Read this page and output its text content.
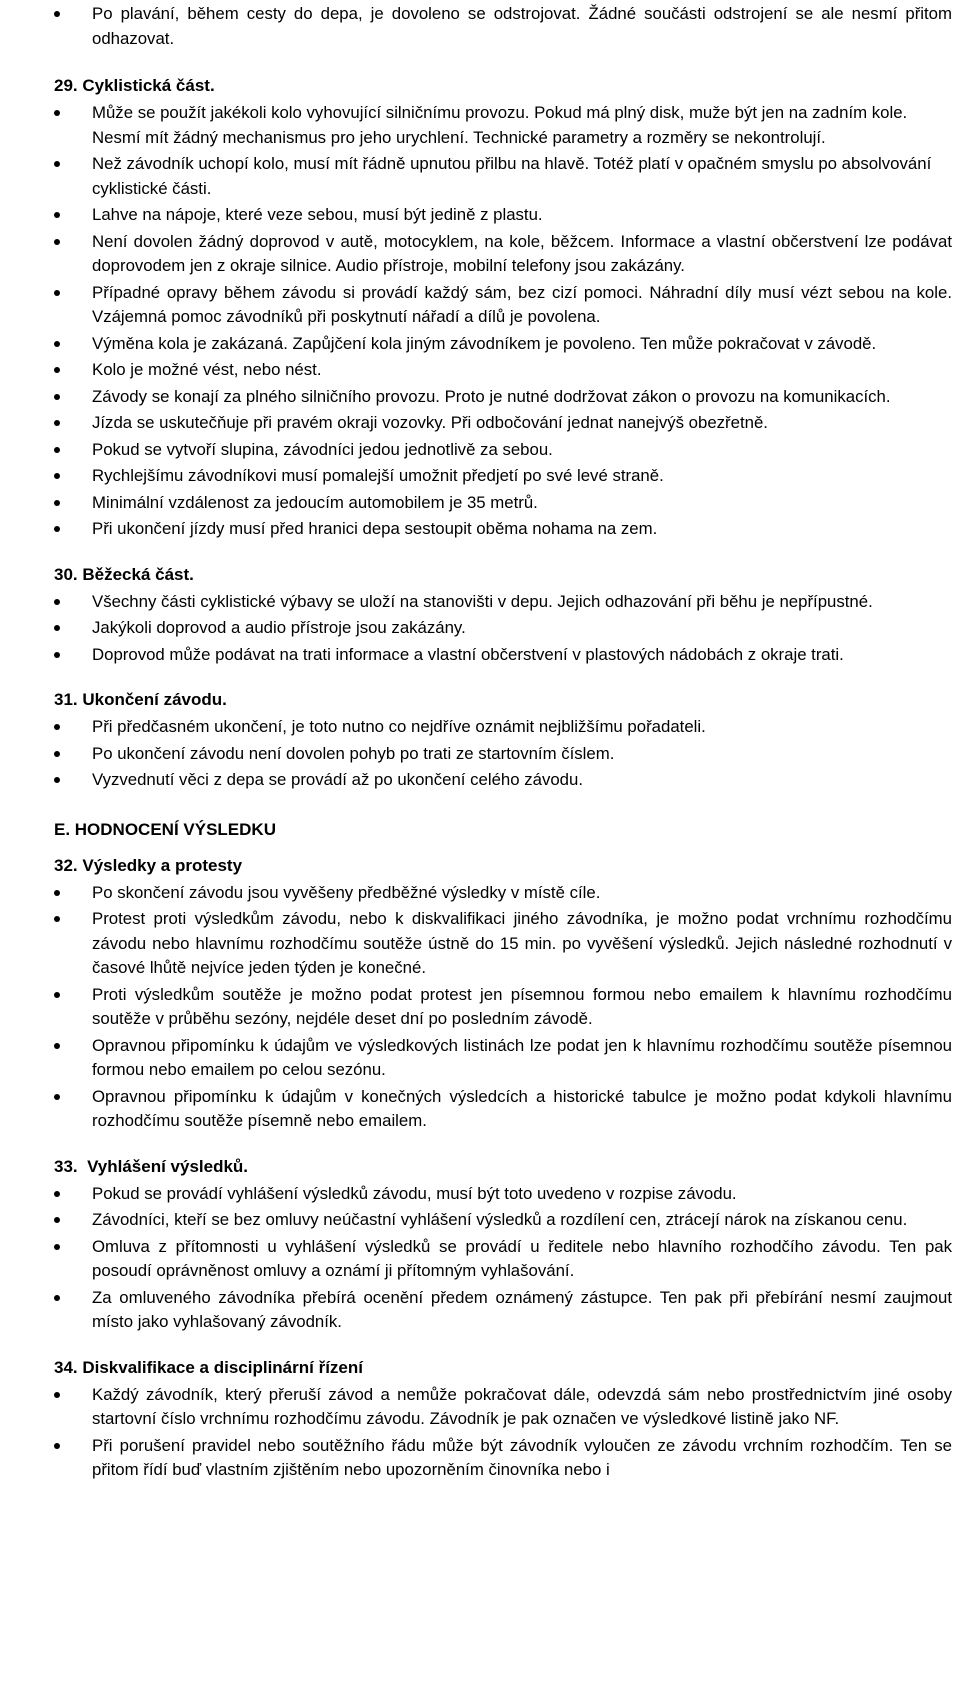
Po plavání, během cesty do depa, je dovoleno se odstrojovat. Žádné součásti odstrojení se ale nesmí přitom odhazovat.
29. Cyklistická část.
Může se použít jakékoli kolo vyhovující silničnímu provozu. Pokud má plný disk, muže být jen na zadním kole. Nesmí mít žádný mechanismus pro jeho urychlení. Technické parametry a rozměry se nekontrolují.
Než závodník uchopí kolo, musí mít řádně upnutou přilbu na hlavě. Totéž platí v opačném smyslu po absolvování cyklistické části.
Lahve na nápoje, které veze sebou, musí být jedině z plastu.
Není dovolen žádný doprovod v autě, motocyklem, na kole, běžcem. Informace a vlastní občerstvení lze podávat doprovodem jen z okraje silnice. Audio přístroje, mobilní telefony jsou zakázány.
Případné opravy během závodu si provádí každý sám, bez cizí pomoci. Náhradní díly musí vézt sebou na kole. Vzájemná pomoc závodníků při poskytnutí nářadí a dílů je povolena.
Výměna kola je zakázaná. Zapůjčení kola jiným závodníkem je povoleno. Ten může pokračovat v závodě.
Kolo je možné vést, nebo nést.
Závody se konají za plného silničního provozu. Proto je nutné dodržovat zákon o provozu na komunikacích.
Jízda se uskutečňuje při pravém okraji vozovky. Při odbočování jednat nanejvýš obezřetně.
Pokud se vytvoří slupina, závodníci jedou jednotlivě za sebou.
Rychlejšímu závodníkovi musí pomalejší umožnit předjetí po své levé straně.
Minimální vzdálenost za jedoucím automobilem je 35 metrů.
Při ukončení jízdy musí před hranici depa sestoupit oběma nohama na zem.
30. Běžecká část.
Všechny části cyklistické výbavy se uloží na stanovišti v depu. Jejich odhazování při běhu je nepřípustné.
Jakýkoli doprovod a audio přístroje jsou zakázány.
Doprovod může podávat na trati informace a vlastní občerstvení v plastových nádobách z okraje trati.
31. Ukončení závodu.
Při předčasném ukončení, je toto nutno co nejdříve oznámit nejbližšímu pořadateli.
Po ukončení závodu není dovolen pohyb po trati ze startovním číslem.
Vyzvednutí věci z depa se provádí až po ukončení celého závodu.
E. HODNOCENÍ VÝSLEDKU
32. Výsledky a protesty
Po skončení závodu jsou vyvěšeny předběžné výsledky v místě cíle.
Protest proti výsledkům závodu, nebo k diskvalifikaci jiného závodníka, je možno podat vrchnímu rozhodčímu závodu nebo hlavnímu rozhodčímu soutěže ústně do 15 min. po vyvěšení výsledků. Jejich následné rozhodnutí v časové lhůtě nejvíce jeden týden je konečné.
Proti výsledkům soutěže je možno podat protest jen písemnou formou nebo emailem k hlavnímu rozhodčímu soutěže v průběhu sezóny, nejdéle deset dní po posledním závodě.
Opravnou připomínku k údajům ve výsledkových listinách lze podat jen k hlavnímu rozhodčímu soutěže písemnou formou nebo emailem po celou sezónu.
Opravnou připomínku k údajům v konečných výsledcích a historické tabulce je možno podat kdykoli hlavnímu rozhodčímu soutěže písemně nebo emailem.
33.  Vyhlášení výsledků.
Pokud se provádí vyhlášení výsledků závodu, musí být toto uvedeno v rozpise závodu.
Závodníci, kteří se bez omluvy neúčastní vyhlášení výsledků a rozdílení cen, ztrácejí nárok na získanou cenu.
Omluva z přítomnosti u vyhlášení výsledků se provádí u ředitele nebo hlavního rozhodčího závodu. Ten pak posoudí oprávněnost omluvy a oznámí ji přítomným vyhlašování.
Za omluveného závodníka přebírá ocenění předem oznámený zástupce. Ten pak při přebírání nesmí zaujmout místo jako vyhlašovaný závodník.
34. Diskvalifikace a disciplinární řízení
Každý závodník, který přeruší závod a nemůže pokračovat dále, odevzdá sám nebo prostřednictvím jiné osoby startovní číslo vrchnímu rozhodčímu závodu. Závodník je pak označen ve výsledkové listině jako NF.
Při porušení pravidel nebo soutěžního řádu může být závodník vyloučen ze závodu vrchním rozhodčím. Ten se přitom řídí buď vlastním zjištěním nebo upozorněním činovníka nebo i
